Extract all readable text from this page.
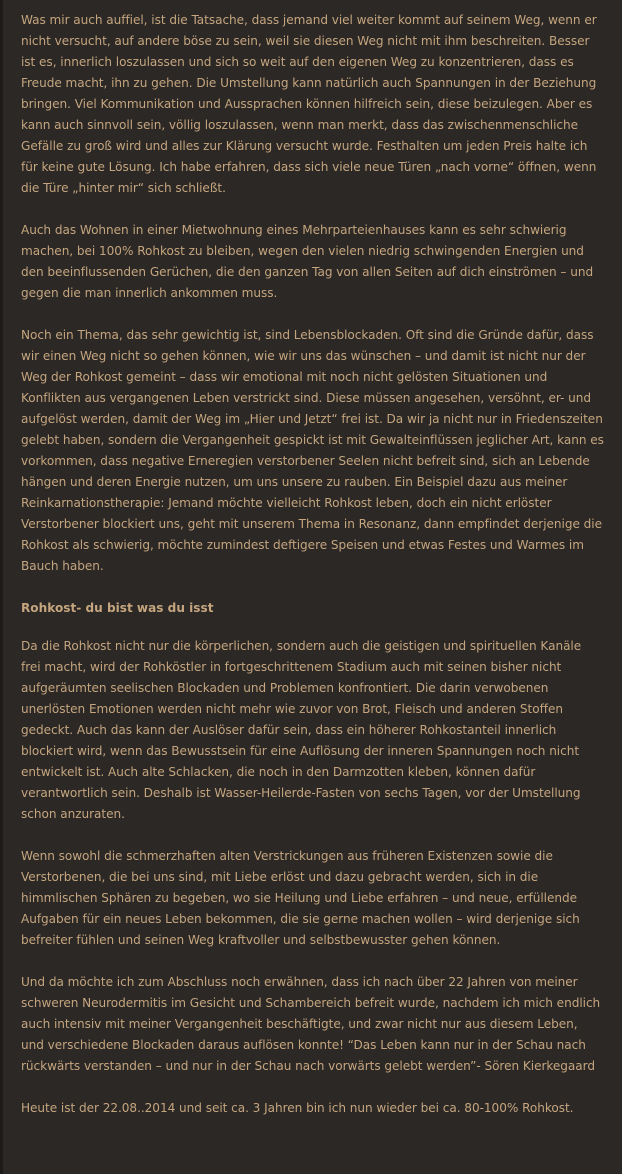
Was mir auch auffiel, ist die Tatsache, dass jemand viel weiter kommt auf seinem Weg, wenn er nicht versucht, auf andere böse zu sein, weil sie diesen Weg nicht mit ihm beschreiten. Besser ist es, innerlich loszulassen und sich so weit auf den eigenen Weg zu konzentrieren, dass es Freude macht, ihn zu gehen. Die Umstellung kann natürlich auch Spannungen in der Beziehung bringen. Viel Kommunikation und Aussprachen können hilfreich sein, diese beizulegen. Aber es kann auch sinnvoll sein, völlig loszulassen, wenn man merkt, dass das zwischenmenschliche Gefälle zu groß wird und alles zur Klärung versucht wurde. Festhalten um jeden Preis halte ich für keine gute Lösung. Ich habe erfahren, dass sich viele neue Türen „nach vorne“ öffnen, wenn die Türe „hinter mir“ sich schließt.

Auch das Wohnen in einer Mietwohnung eines Mehrparteienhauses kann es sehr schwierig machen, bei 100% Rohkost zu bleiben, wegen den vielen niedrig schwingenden Energien und den beeinflussenden Gerüchen, die den ganzen Tag von allen Seiten auf dich einströmen – und gegen die man innerlich ankommen muss.

Noch ein Thema, das sehr gewichtig ist, sind Lebensblockaden. Oft sind die Gründe dafür, dass wir einen Weg nicht so gehen können, wie wir uns das wünschen – und damit ist nicht nur der Weg der Rohkost gemeint – dass wir emotional mit noch nicht gelösten Situationen und Konflikten aus vergangenen Leben verstrickt sind. Diese müssen angesehen, versöhnt, er- und aufgelöst werden, damit der Weg im „Hier und Jetzt“ frei ist. Da wir ja nicht nur in Friedenszeiten gelebt haben, sondern die Vergangenheit gespickt ist mit Gewalteinflüssen jeglicher Art, kann es vorkommen, dass negative Erneregien verstorbener Seelen nicht befreit sind, sich an Lebende hängen und deren Energie nutzen, um uns unsere zu rauben. Ein Beispiel dazu aus meiner Reinkarnationstherapie: Jemand möchte vielleicht Rohkost leben, doch ein nicht erlöster Verstorbener blockiert uns, geht mit unserem Thema in Resonanz, dann empfindet derjenige die Rohkost als schwierig, möchte zumindest deftigere Speisen und etwas Festes und Warmes im Bauch haben.

Rohkost- du bist was du isst

Da die Rohkost nicht nur die körperlichen, sondern auch die geistigen und spirituellen Kanäle frei macht, wird der Rohköstler in fortgeschrittenem Stadium auch mit seinen bisher nicht aufgeräumten seelischen Blockaden und Problemen konfrontiert. Die darin verwobenen unerlösten Emotionen werden nicht mehr wie zuvor von Brot, Fleisch und anderen Stoffen gedeckt. Auch das kann der Auslöser dafür sein, dass ein höherer Rohkostanteil innerlich blockiert wird, wenn das Bewusstsein für eine Auflösung der inneren Spannungen noch nicht entwickelt ist. Auch alte Schlacken, die noch in den Darmzotten kleben, können dafür verantwortlich sein. Deshalb ist Wasser-Heilerde-Fasten von sechs Tagen, vor der Umstellung schon anzuraten.

Wenn sowohl die schmerzhaften alten Verstrickungen aus früheren Existenzen sowie die Verstorbenen, die bei uns sind, mit Liebe erlöst und dazu gebracht werden, sich in die himmlischen Sphären zu begeben, wo sie Heilung und Liebe erfahren – und neue, erfüllende Aufgaben für ein neues Leben bekommen, die sie gerne machen wollen – wird derjenige sich befreiter fühlen und seinen Weg kraftvoller und selbstbewusster gehen können.

Und da möchte ich zum Abschluss noch erwähnen, dass ich nach über 22 Jahren von meiner schweren Neurodermitis im Gesicht und Schambereich befreit wurde, nachdem ich mich endlich auch intensiv mit meiner Vergangenheit beschäftigte, und zwar nicht nur aus diesem Leben, und verschiedene Blockaden daraus auflösen konnte! “Das Leben kann nur in der Schau nach rückwärts verstanden – und nur in der Schau nach vorwärts gelebt werden”- Sören Kierkegaard

Heute ist der 22.08..2014 und seit ca. 3 Jahren bin ich nun wieder bei ca. 80-100% Rohkost.
